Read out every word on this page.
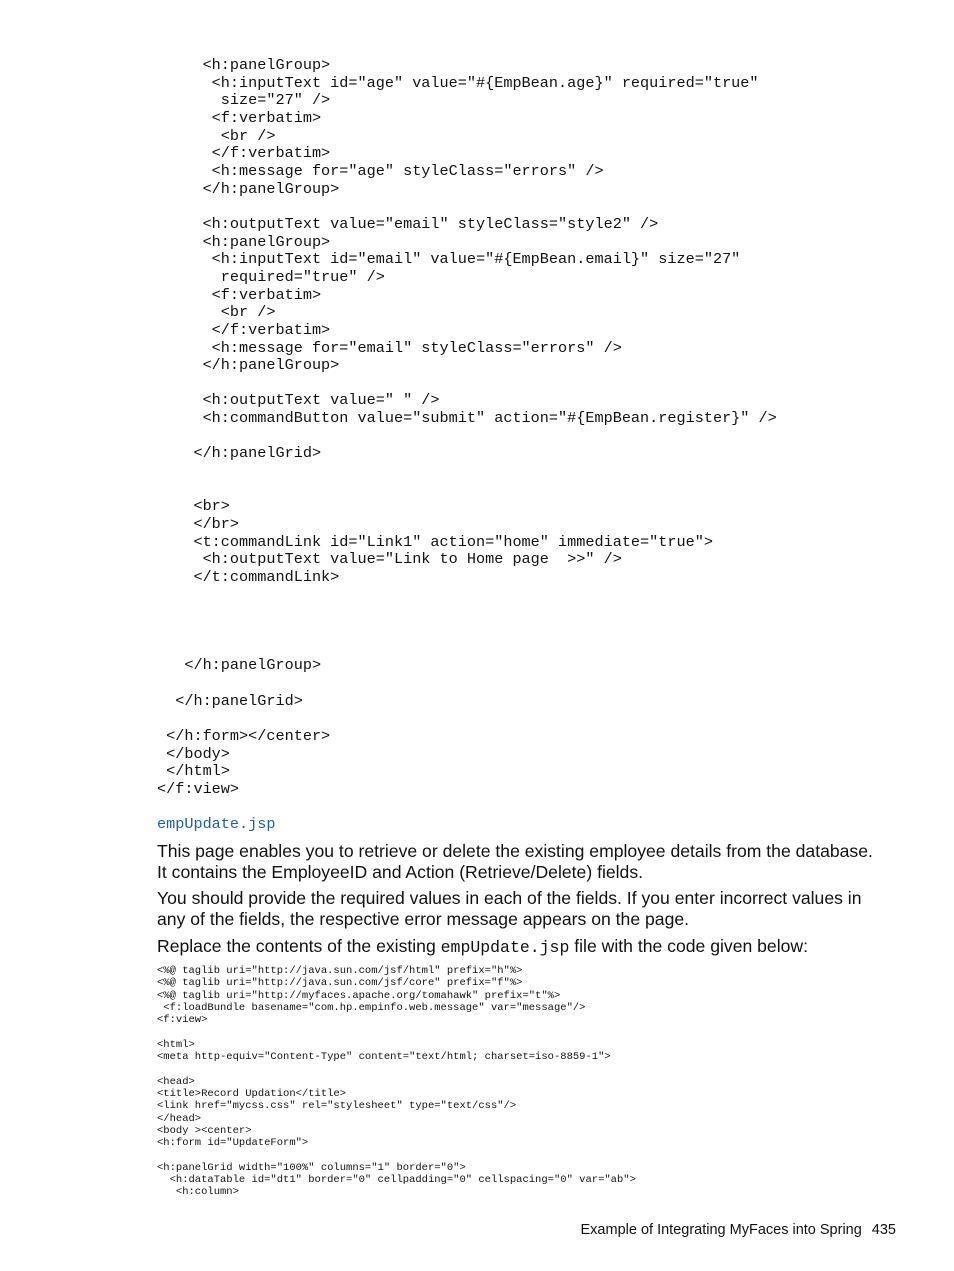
<h:panelGroup>
<h:inputText id="age" value="#{EmpBean.age}" required="true"
size="27" />
<f:verbatim>
<br />
</f:verbatim>
<h:message for="age" styleClass="errors" />
</h:panelGroup>

<h:outputText value="email" styleClass="style2" />
<h:panelGroup>
<h:inputText id="email" value="#{EmpBean.email}" size="27"
required="true" />
<f:verbatim>
<br />
</f:verbatim>
<h:message for="email" styleClass="errors" />
</h:panelGroup>

<h:outputText value=" " />
<h:commandButton value="submit" action="#{EmpBean.register}" />

</h:panelGrid>

<br>
</br>
<t:commandLink id="Link1" action="home" immediate="true">
<h:outputText value="Link to Home page  >>" />
</t:commandLink>

</h:panelGroup>

</h:panelGrid>

</h:form></center>
</body>
</html>
</f:view>
empUpdate.jsp

This page enables you to retrieve or delete the existing employee details from the database. It contains the EmployeeID and Action (Retrieve/Delete) fields.

You should provide the required values in each of the fields. If you enter incorrect values in any of the fields, the respective error message appears on the page.

Replace the contents of the existing empUpdate.jsp file with the code given below:

<%@ taglib uri="http://java.sun.com/jsf/html" prefix="h"%>
<%@ taglib uri="http://java.sun.com/jsf/core" prefix="f"%>
<%@ taglib uri="http://myfaces.apache.org/tomahawk" prefix="t"%>
<f:loadBundle basename="com.hp.empinfo.web.message" var="message"/>
<f:view>

<html>
<meta http-equiv="Content-Type" content="text/html; charset=iso-8859-1">

<head>
<title>Record Updation</title>
<link href="mycss.css" rel="stylesheet" type="text/css"/>
</head>
<body ><center>
<h:form id="UpdateForm">

<h:panelGrid width="100%" columns="1" border="0">
<h:dataTable id="dt1" border="0" cellpadding="0" cellspacing="0" var="ab">
<h:column>
Example of Integrating MyFaces into Spring 435
